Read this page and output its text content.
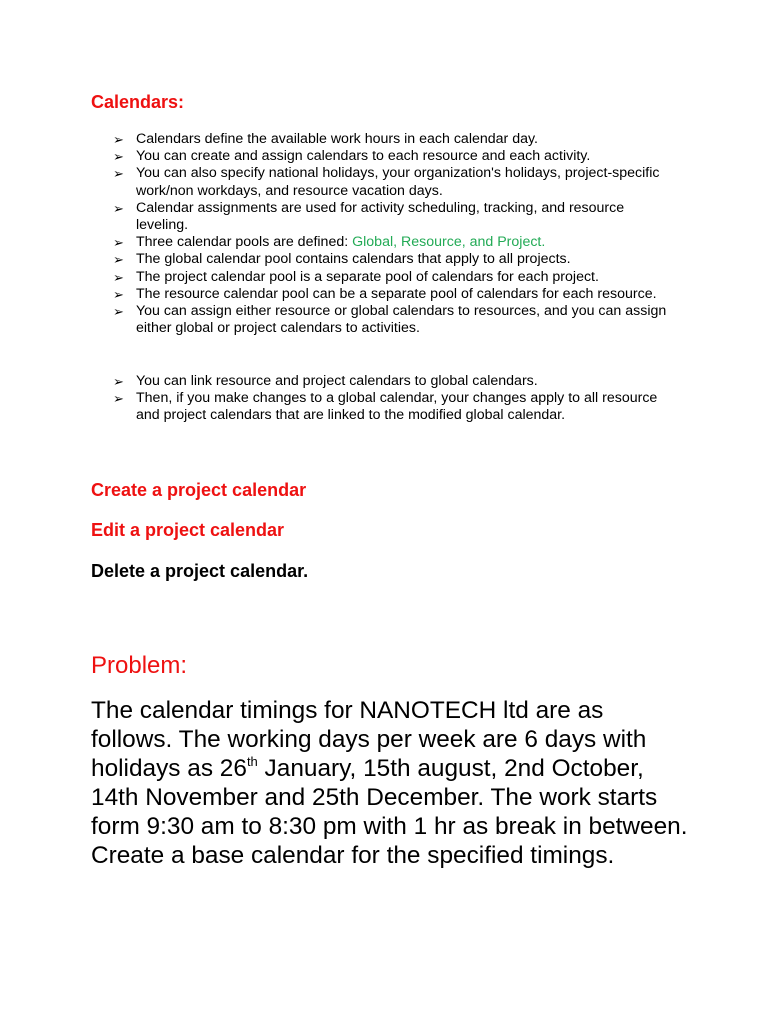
Calendars:
➢ Calendars define the available work hours in each calendar day.
➢ You can create and assign calendars to each resource and each activity.
➢ You can also specify national holidays, your organization's holidays, project-specific work/non workdays, and resource vacation days.
➢ Calendar assignments are used for activity scheduling, tracking, and resource leveling.
➢ Three calendar pools are defined: Global, Resource, and Project.
➢ The global calendar pool contains calendars that apply to all projects.
➢ The project calendar pool is a separate pool of calendars for each project.
➢ The resource calendar pool can be a separate pool of calendars for each resource.
➢ You can assign either resource or global calendars to resources, and you can assign either global or project calendars to activities.
➢ You can link resource and project calendars to global calendars.
➢ Then, if you make changes to a global calendar, your changes apply to all resource and project calendars that are linked to the modified global calendar.
Create a project calendar
Edit a project calendar
Delete a project calendar.
Problem:

The calendar timings for NANOTECH ltd are as follows. The working days per week are 6 days with holidays as 26th January, 15th august, 2nd October, 14th November and 25th December. The work starts form 9:30 am to 8:30 pm with 1 hr as break in between. Create a base calendar for the specified timings.
